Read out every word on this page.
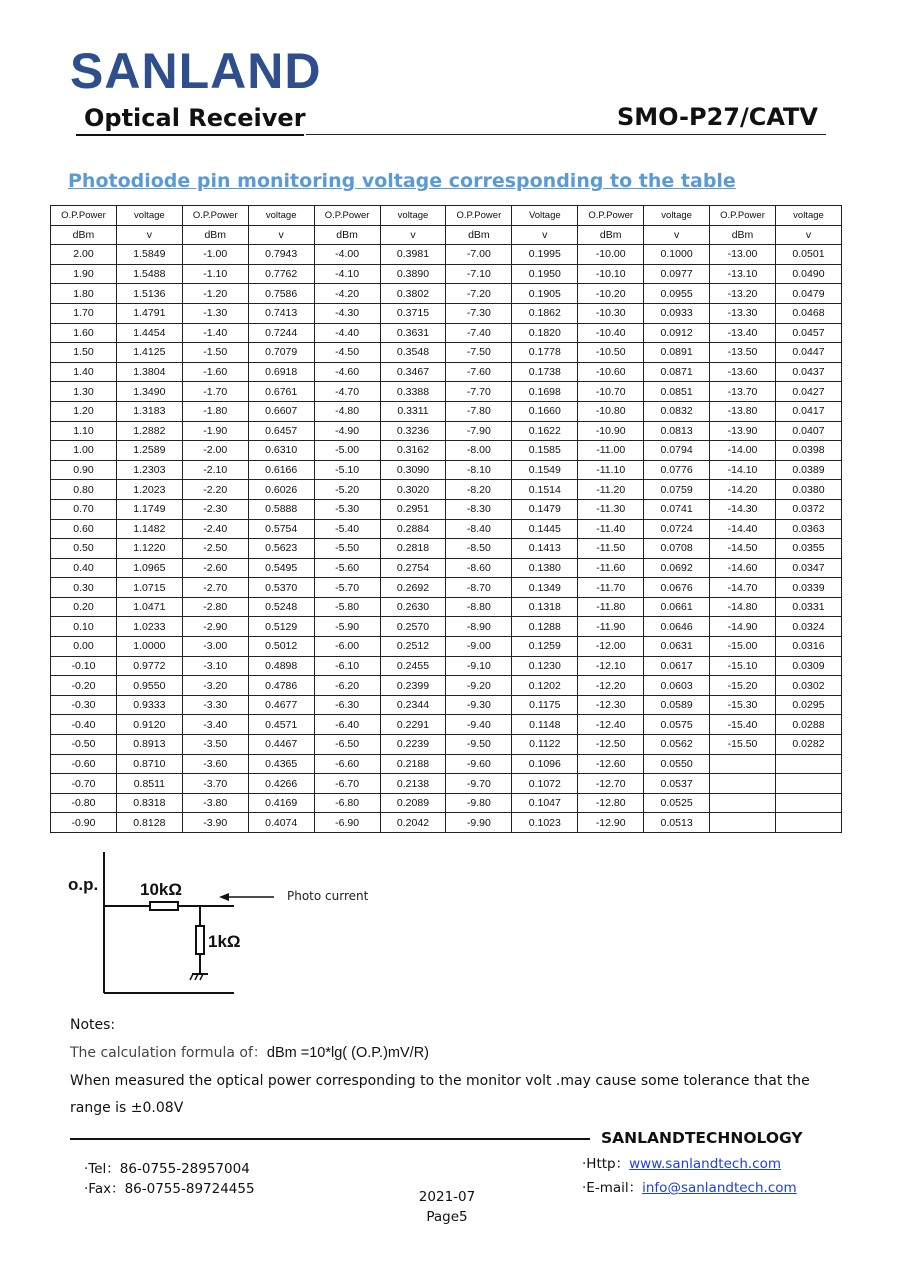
SANLAND
Optical Receiver	SMO-P27/CATV
Photodiode pin monitoring voltage corresponding to the table
O.P.Power	voltage	O.P.Power	voltage	O.P.Power	voltage	O.P.Power	Voltage	O.P.Power	voltage	O.P.Power	voltage
dBm	v	dBm	v	dBm	v	dBm	v	dBm	v	dBm	v
2.00	1.5849	-1.00	0.7943	-4.00	0.3981	-7.00	0.1995	-10.00	0.1000	-13.00	0.0501
1.90	1.5488	-1.10	0.7762	-4.10	0.3890	-7.10	0.1950	-10.10	0.0977	-13.10	0.0490
1.80	1.5136	-1.20	0.7586	-4.20	0.3802	-7.20	0.1905	-10.20	0.0955	-13.20	0.0479
1.70	1.4791	-1.30	0.7413	-4.30	0.3715	-7.30	0.1862	-10.30	0.0933	-13.30	0.0468
1.60	1.4454	-1.40	0.7244	-4.40	0.3631	-7.40	0.1820	-10.40	0.0912	-13.40	0.0457
1.50	1.4125	-1.50	0.7079	-4.50	0.3548	-7.50	0.1778	-10.50	0.0891	-13.50	0.0447
1.40	1.3804	-1.60	0.6918	-4.60	0.3467	-7.60	0.1738	-10.60	0.0871	-13.60	0.0437
1.30	1.3490	-1.70	0.6761	-4.70	0.3388	-7.70	0.1698	-10.70	0.0851	-13.70	0.0427
1.20	1.3183	-1.80	0.6607	-4.80	0.3311	-7.80	0.1660	-10.80	0.0832	-13.80	0.0417
1.10	1.2882	-1.90	0.6457	-4.90	0.3236	-7.90	0.1622	-10.90	0.0813	-13.90	0.0407
1.00	1.2589	-2.00	0.6310	-5.00	0.3162	-8.00	0.1585	-11.00	0.0794	-14.00	0.0398
0.90	1.2303	-2.10	0.6166	-5.10	0.3090	-8.10	0.1549	-11.10	0.0776	-14.10	0.0389
0.80	1.2023	-2.20	0.6026	-5.20	0.3020	-8.20	0.1514	-11.20	0.0759	-14.20	0.0380
0.70	1.1749	-2.30	0.5888	-5.30	0.2951	-8.30	0.1479	-11.30	0.0741	-14.30	0.0372
0.60	1.1482	-2.40	0.5754	-5.40	0.2884	-8.40	0.1445	-11.40	0.0724	-14.40	0.0363
0.50	1.1220	-2.50	0.5623	-5.50	0.2818	-8.50	0.1413	-11.50	0.0708	-14.50	0.0355
0.40	1.0965	-2.60	0.5495	-5.60	0.2754	-8.60	0.1380	-11.60	0.0692	-14.60	0.0347
0.30	1.0715	-2.70	0.5370	-5.70	0.2692	-8.70	0.1349	-11.70	0.0676	-14.70	0.0339
0.20	1.0471	-2.80	0.5248	-5.80	0.2630	-8.80	0.1318	-11.80	0.0661	-14.80	0.0331
0.10	1.0233	-2.90	0.5129	-5.90	0.2570	-8.90	0.1288	-11.90	0.0646	-14.90	0.0324
0.00	1.0000	-3.00	0.5012	-6.00	0.2512	-9.00	0.1259	-12.00	0.0631	-15.00	0.0316
-0.10	0.9772	-3.10	0.4898	-6.10	0.2455	-9.10	0.1230	-12.10	0.0617	-15.10	0.0309
-0.20	0.9550	-3.20	0.4786	-6.20	0.2399	-9.20	0.1202	-12.20	0.0603	-15.20	0.0302
-0.30	0.9333	-3.30	0.4677	-6.30	0.2344	-9.30	0.1175	-12.30	0.0589	-15.30	0.0295
-0.40	0.9120	-3.40	0.4571	-6.40	0.2291	-9.40	0.1148	-12.40	0.0575	-15.40	0.0288
-0.50	0.8913	-3.50	0.4467	-6.50	0.2239	-9.50	0.1122	-12.50	0.0562	-15.50	0.0282
-0.60	0.8710	-3.60	0.4365	-6.60	0.2188	-9.60	0.1096	-12.60	0.0550		
-0.70	0.8511	-3.70	0.4266	-6.70	0.2138	-9.70	0.1072	-12.70	0.0537		
-0.80	0.8318	-3.80	0.4169	-6.80	0.2089	-9.80	0.1047	-12.80	0.0525		
-0.90	0.8128	-3.90	0.4074	-6.90	0.2042	-9.90	0.1023	-12.90	0.0513		
o.p. 10kΩ
1kΩ
Photo current
Notes:
The calculation formula of：dBm =10*lg( (O.P.)mV/R)
When measured the optical power corresponding to the monitor volt .may cause some tolerance that the range is ±0.08V
SANLANDTECHNOLOGY
·Tel：86-0755-28957004
·Fax：86-0755-89724455
·Http：www.sanlandtech.com
·E-mail：info@sanlandtech.com
2021-07
Page5
